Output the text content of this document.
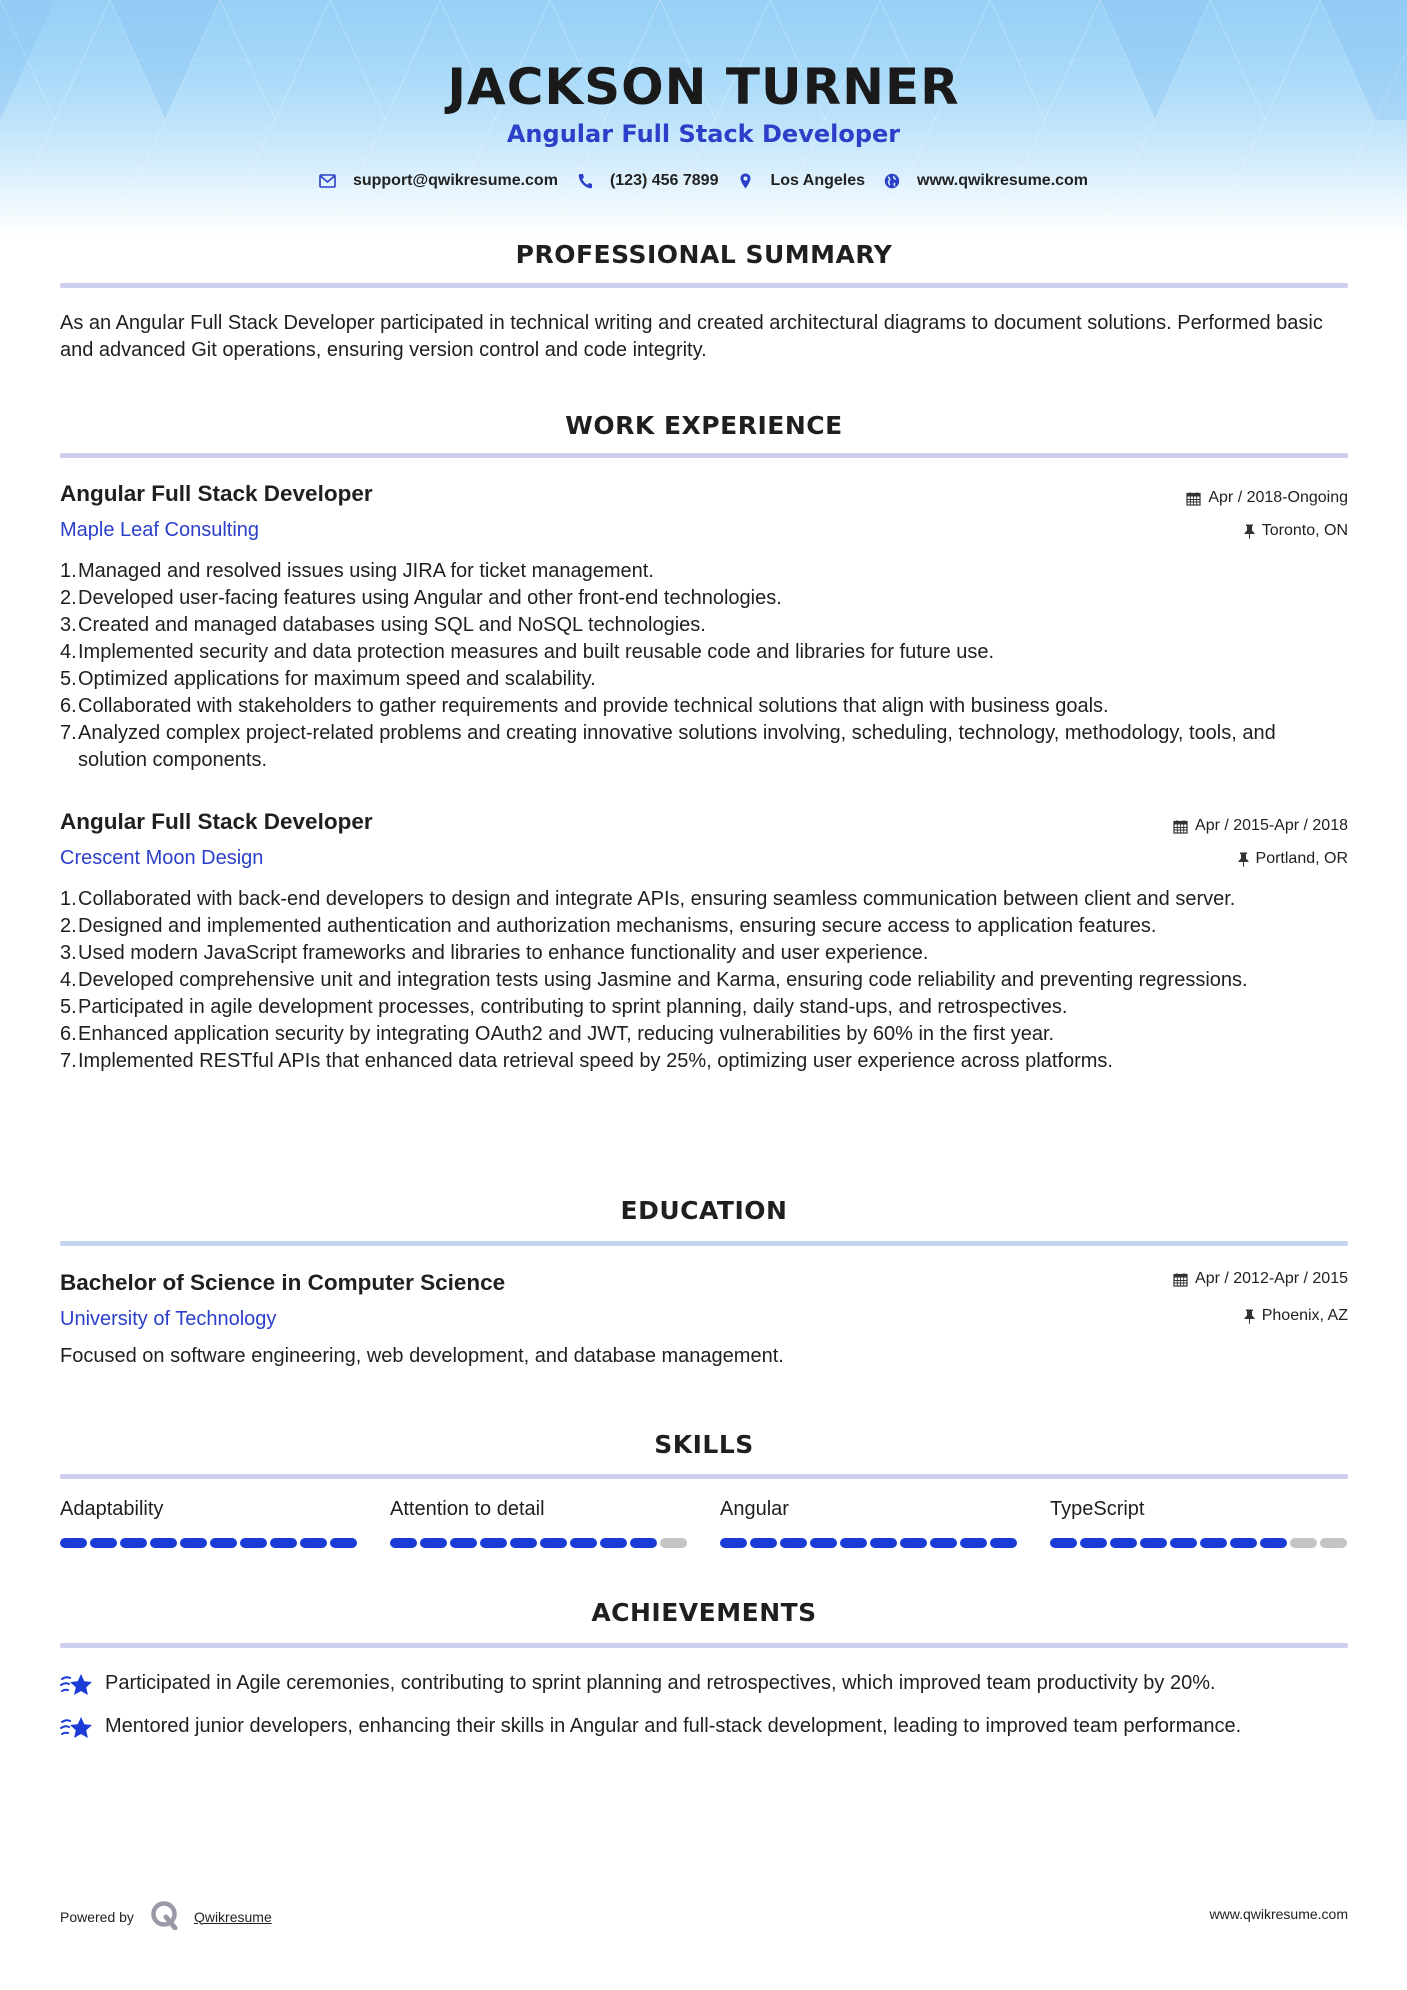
JACKSON TURNER
Angular Full Stack Developer
support@qwikresume.com	(123) 456 7899	Los Angeles	www.qwikresume.com
PROFESSIONAL SUMMARY
As an Angular Full Stack Developer participated in technical writing and created architectural diagrams to document solutions. Performed basic and advanced Git operations, ensuring version control and code integrity.
WORK EXPERIENCE
Angular Full Stack Developer
Maple Leaf Consulting
Apr / 2018-Ongoing
Toronto, ON
1. Managed and resolved issues using JIRA for ticket management.
2. Developed user-facing features using Angular and other front-end technologies.
3. Created and managed databases using SQL and NoSQL technologies.
4. Implemented security and data protection measures and built reusable code and libraries for future use.
5. Optimized applications for maximum speed and scalability.
6. Collaborated with stakeholders to gather requirements and provide technical solutions that align with business goals.
7. Analyzed complex project-related problems and creating innovative solutions involving, scheduling, technology, methodology, tools, and solution components.
Angular Full Stack Developer
Crescent Moon Design
Apr / 2015-Apr / 2018
Portland, OR
1. Collaborated with back-end developers to design and integrate APIs, ensuring seamless communication between client and server.
2. Designed and implemented authentication and authorization mechanisms, ensuring secure access to application features.
3. Used modern JavaScript frameworks and libraries to enhance functionality and user experience.
4. Developed comprehensive unit and integration tests using Jasmine and Karma, ensuring code reliability and preventing regressions.
5. Participated in agile development processes, contributing to sprint planning, daily stand-ups, and retrospectives.
6. Enhanced application security by integrating OAuth2 and JWT, reducing vulnerabilities by 60% in the first year.
7. Implemented RESTful APIs that enhanced data retrieval speed by 25%, optimizing user experience across platforms.
EDUCATION
Bachelor of Science in Computer Science
University of Technology
Apr / 2012-Apr / 2015
Phoenix, AZ
Focused on software engineering, web development, and database management.
SKILLS
Adaptability	Attention to detail	Angular	TypeScript
ACHIEVEMENTS
Participated in Agile ceremonies, contributing to sprint planning and retrospectives, which improved team productivity by 20%.
Mentored junior developers, enhancing their skills in Angular and full-stack development, leading to improved team performance.
Powered by	Qwikresume	www.qwikresume.com
